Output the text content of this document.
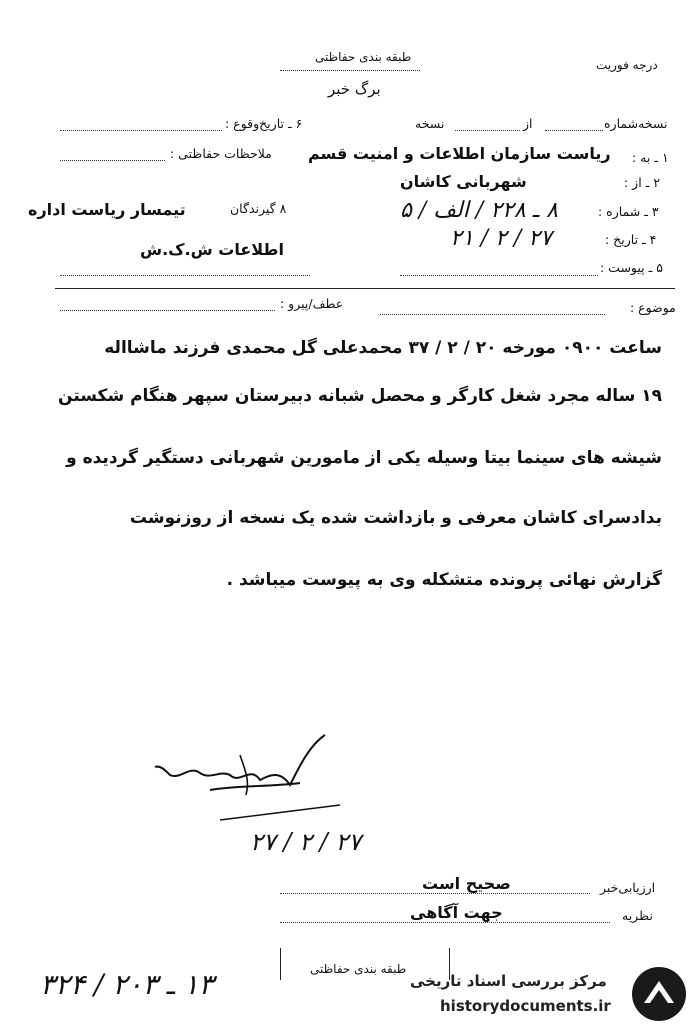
طبقه بندی حفاظتی
درجه فوریت
برگ خبر
نسخه‌شماره
از
نسخه
۶ ـ تاریخ‌وقوع :
۱ ـ به :
ریاست سازمان اطلاعات و امنیت قسم
ملاحظات حفاظتی :
۲ ـ از :
شهربانی کاشان
۳ ـ شماره :
۸ ـ ۲۲۸ / الف / ۵
۸ گیرندگان
تیمسار ریاست اداره
۴ ـ تاریخ :
۲۷ / ۲ / ۲۱
اطلاعات ش.ک.ش
۵ ـ پیوست :
موضوع :
عطف/پیرو :
ساعت ۰۹۰۰ مورخه ۲۰ / ۲ / ۳۷ محمدعلی گل محمدی فرزند ماشااله
۱۹ ساله مجرد شغل کارگر و محصل شبانه دبیرستان سپهر هنگام شکستن
شیشه های سینما بیتا وسیله یکی از مامورین شهربانی دستگیر گردیده و
بدادسرای کاشان معرفی و بازداشت شده یک نسخه از روزنوشت
گزارش نهائی پرونده متشکله وی به پیوست میباشد .
۲۷ / ۲ / ۲۷
ارزیابی‌خبر
صحیح است
نظریه
جهت آگاهی
طبقه بندی حفاظتی
۱۳ ـ ۲۰۳ / ۳۲۴	مرکز بررسی اسناد تاریخی
historydocuments.ir
